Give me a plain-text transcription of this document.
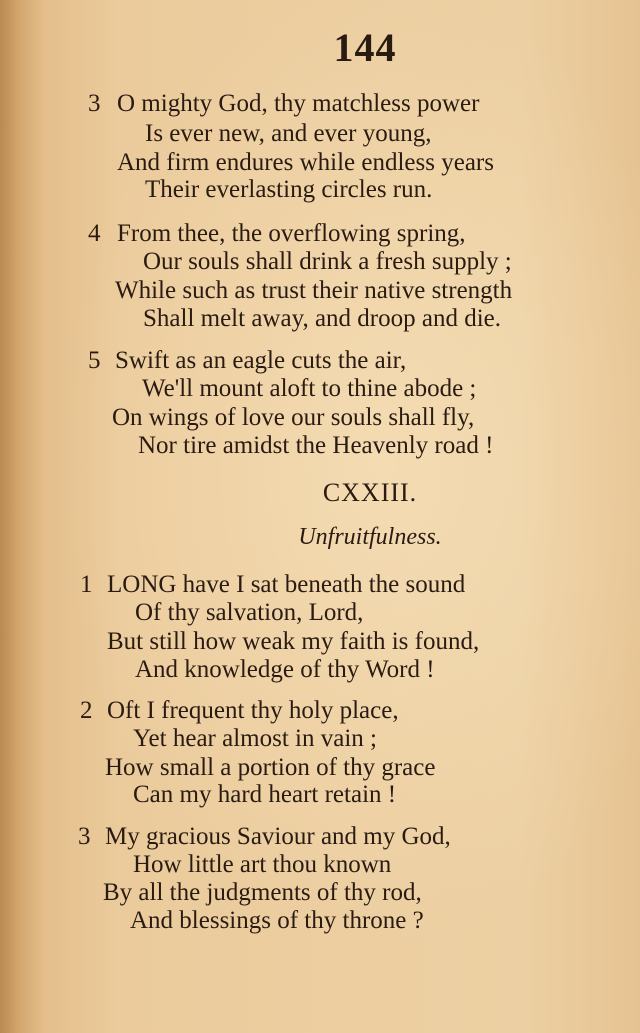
144
3 O mighty God, thy matchless power
Is ever new, and ever young,
And firm endures while endless years
Their everlasting circles run.
4 From thee, the overflowing spring,
Our souls shall drink a fresh supply ;
While such as trust their native strength
Shall melt away, and droop and die.
5 Swift as an eagle cuts the air,
We'll mount aloft to thine abode ;
On wings of love our souls shall fly,
Nor tire amidst the Heavenly road !
CXXIII.
Unfruitfulness.
1 LONG have I sat beneath the sound
Of thy salvation, Lord,
But still how weak my faith is found,
And knowledge of thy Word !
2 Oft I frequent thy holy place,
Yet hear almost in vain ;
How small a portion of thy grace
Can my hard heart retain !
3 My gracious Saviour and my God,
How little art thou known
By all the judgments of thy rod,
And blessings of thy throne ?
